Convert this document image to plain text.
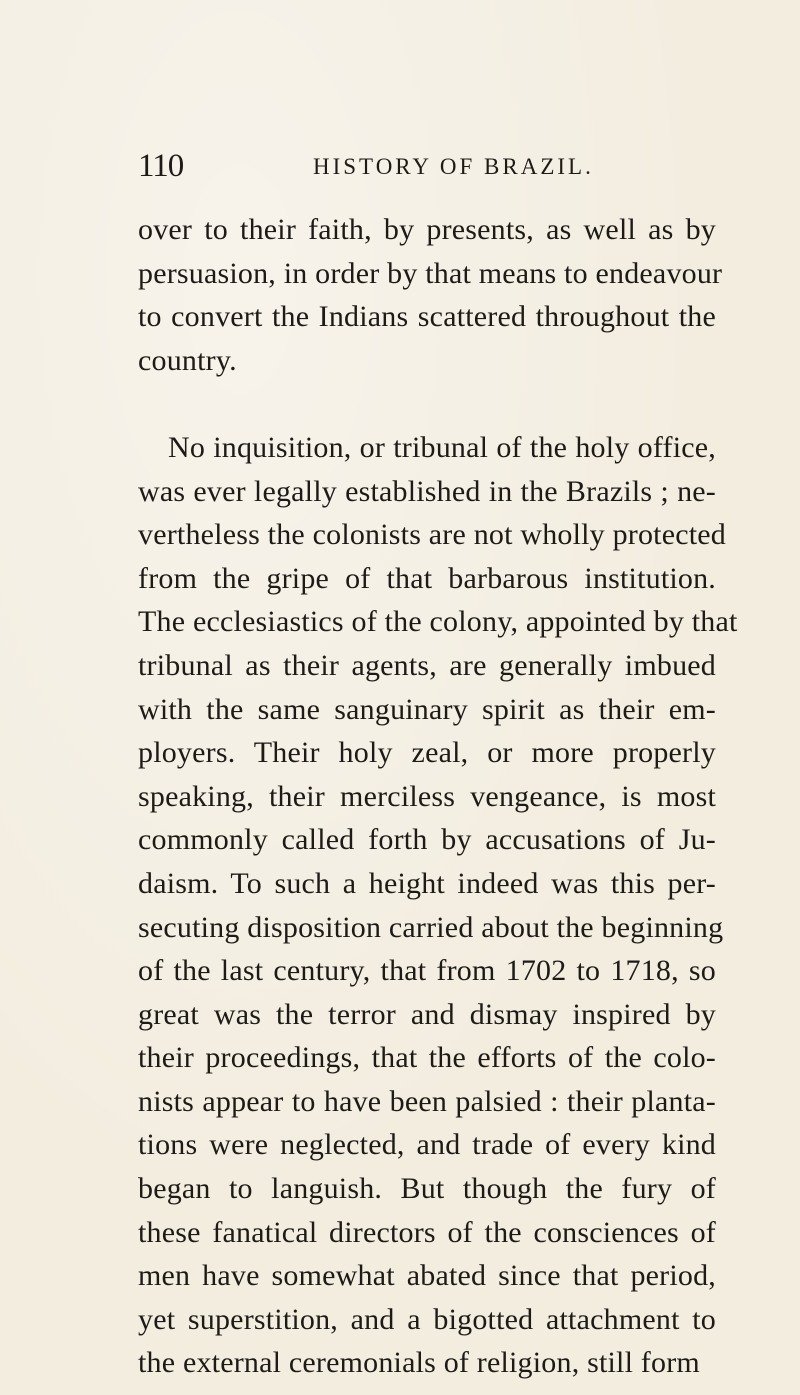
110	HISTORY OF BRAZIL.
over to their faith, by presents, as well as by
persuasion, in order by that means to endeavour
to convert the Indians scattered throughout the
country.
No inquisition, or tribunal of the holy office,
was ever legally established in the Brazils ; ne-
vertheless the colonists are not wholly protected
from the gripe of that barbarous institution.
The ecclesiastics of the colony, appointed by that
tribunal as their agents, are generally imbued
with the same sanguinary spirit as their em-
ployers. Their holy zeal, or more properly
speaking, their merciless vengeance, is most
commonly called forth by accusations of Ju-
daism. To such a height indeed was this per-
secuting disposition carried about the beginning
of the last century, that from 1702 to 1718, so
great was the terror and dismay inspired by
their proceedings, that the efforts of the colo-
nists appear to have been palsied : their planta-
tions were neglected, and trade of every kind
began to languish. But though the fury of
these fanatical directors of the consciences of
men have somewhat abated since that period,
yet superstition, and a bigotted attachment to
the external ceremonials of religion, still form
